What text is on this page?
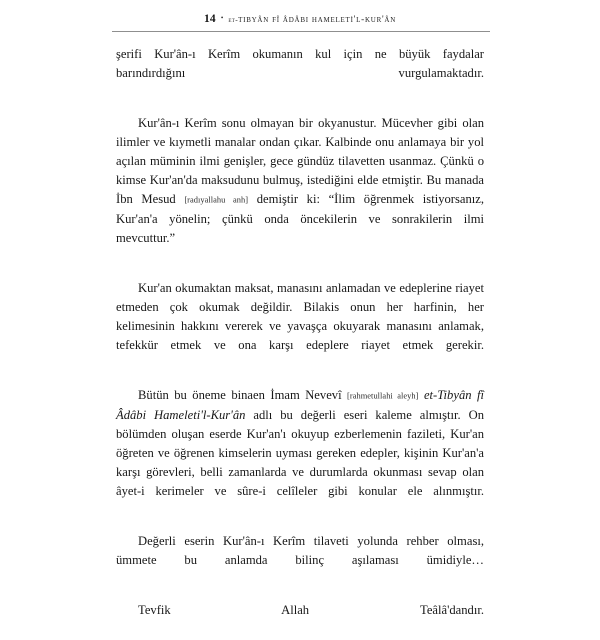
14 • et-tibyân fî âdâbi hameleti̇'l-kur'ân

şerifi Kur'ân-ı Kerîm okumanın kul için ne büyük faydalar barındırdığını vurgulamaktadır.

Kur'ân-ı Kerîm sonu olmayan bir okyanustur. Mücevher gibi olan ilimler ve kıymetli manalar ondan çıkar. Kalbinde onu anlamaya bir yol açılan müminin ilmi genişler, gece gündüz tilavetten usanmaz. Çünkü o kimse Kur'an'da maksudunu bulmuş, istediğini elde etmiştir. Bu manada İbn Mesud [radıyallahu anh] demiştir ki: “İlim öğrenmek istiyorsanız, Kur'an'a yönelin; çünkü onda öncekilerin ve sonrakilerin ilmi mevcuttur.”

Kur'an okumaktan maksat, manasını anlamadan ve edeplerine riayet etmeden çok okumak değildir. Bilakis onun her harfinin, her kelimesinin hakkını vererek ve yavaşça okuyarak manasını anlamak, tefekkür etmek ve ona karşı edeplere riayet etmek gerekir.

Bütün bu öneme binaen İmam Nevevî [rahmetullahi aleyh] et-Tibyân fî Âdâbi Hameleti'l-Kur'ân adlı bu değerli eseri kaleme almıştır. On bölümden oluşan eserde Kur'an'ı okuyup ezberlemenin fazileti, Kur'an öğreten ve öğrenen kimselerin uyması gereken edepler, kişinin Kur'an'a karşı görevleri, belli zamanlarda ve durumlarda okunması sevap olan âyet-i kerimeler ve sûre-i celîleler gibi konular ele alınmıştır.

Değerli eserin Kur'ân-ı Kerîm tilaveti yolunda rehber olması, ümmete bu anlamda bilinç aşılaması ümidiyle…

Tevfik Allah Teâlâ'dandır.
